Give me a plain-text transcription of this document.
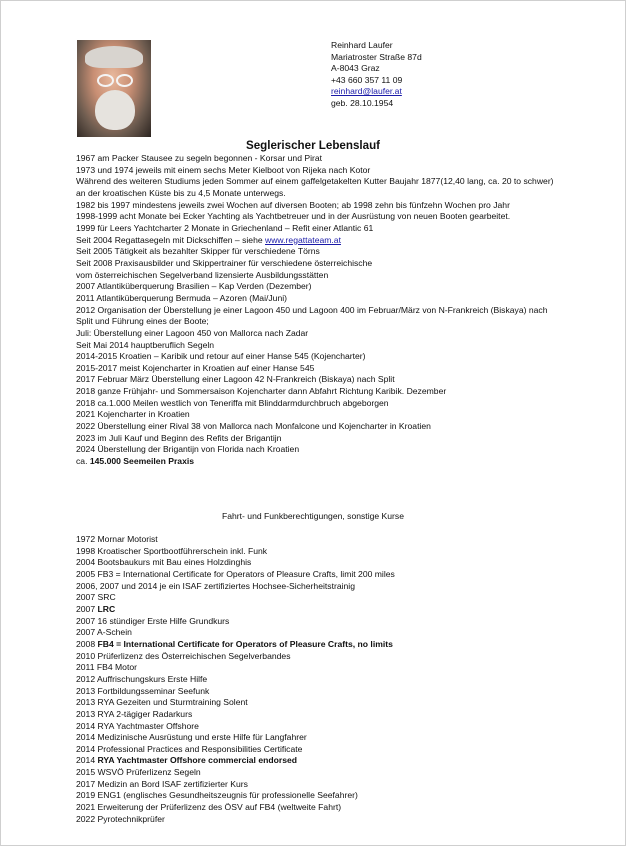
Reinhard Laufer
Mariatroster Straße 87d
A-8043 Graz
+43 660 357 11 09
reinhard@laufer.at
geb. 28.10.1954
Seglerischer Lebenslauf
1967 am Packer Stausee zu segeln begonnen - Korsar und Pirat
1973 und 1974 jeweils mit einem sechs Meter Kielboot von Rijeka nach Kotor
Während des weiteren Studiums jeden Sommer auf einem gaffelgetakelten Kutter Baujahr 1877(12,40 lang, ca. 20 to schwer) an der kroatischen Küste bis zu 4,5 Monate unterwegs.
1982 bis 1997 mindestens jeweils zwei Wochen auf diversen Booten; ab 1998 zehn bis fünfzehn Wochen pro Jahr
1998-1999 acht Monate bei Ecker Yachting als Yachtbetreuer und in der Ausrüstung von neuen Booten gearbeitet.
1999 für Leers Yachtcharter 2 Monate in Griechenland – Refit einer Atlantic 61
Seit 2004 Regattasegeln mit Dickschiffen – siehe www.regattateam.at
Seit 2005 Tätigkeit als bezahlter Skipper für verschiedene Törns
Seit 2008 Praxisausbilder und Skippertrainer für verschiedene österreichische
vom österreichischen Segelverband lizensierte Ausbildungsstätten
2007 Atlantiküberquerung Brasilien – Kap Verden (Dezember)
2011 Atlantiküberquerung Bermuda – Azoren (Mai/Juni)
2012 Organisation der Überstellung je einer Lagoon 450 und Lagoon 400 im Februar/März von N-Frankreich (Biskaya) nach Split und Führung eines der Boote;
Juli: Überstellung einer Lagoon 450 von Mallorca nach Zadar
Seit Mai 2014 hauptberuflich Segeln
2014-2015 Kroatien – Karibik und retour auf einer Hanse 545 (Kojencharter)
2015-2017 meist Kojencharter in Kroatien auf einer Hanse 545
2017 Februar März Überstellung einer Lagoon 42 N-Frankreich (Biskaya) nach Split
2018 ganze Frühjahr- und Sommersaison Kojencharter dann Abfahrt Richtung Karibik. Dezember
2018 ca.1.000 Meilen westlich von Teneriffa mit Blinddarmdurchbruch abgeborgen
2021 Kojencharter in Kroatien
2022 Überstellung einer Rival 38 von Mallorca nach Monfalcone und Kojencharter in Kroatien
2023 im Juli Kauf und Beginn des Refits der Brigantijn
2024 Überstellung der Brigantijn von Florida nach Kroatien
ca. 145.000 Seemeilen Praxis
Fahrt- und Funkberechtigungen, sonstige Kurse
1972 Mornar Motorist
1998 Kroatischer Sportbootführerschein inkl. Funk
2004 Bootsbaukurs mit Bau eines Holzdinghis
2005 FB3 = International Certificate for Operators of Pleasure Crafts, limit 200 miles
2006, 2007 und 2014 je ein ISAF zertifiziertes Hochsee-Sicherheitstrainig
2007 SRC
2007 LRC
2007 16 stündiger Erste Hilfe Grundkurs
2007 A-Schein
2008 FB4 = International Certificate for Operators of Pleasure Crafts, no limits
2010 Prüferlizenz des Österreichischen Segelverbandes
2011 FB4 Motor
2012 Auffrischungskurs Erste Hilfe
2013 Fortbildungsseminar Seefunk
2013 RYA Gezeiten und Sturmtraining Solent
2013 RYA 2-tägiger Radarkurs
2014 RYA Yachtmaster Offshore
2014 Medizinische Ausrüstung und erste Hilfe für Langfahrer
2014 Professional Practices and Responsibilities Certificate
2014 RYA Yachtmaster Offshore commercial endorsed
2015 WSVÖ Prüferlizenz Segeln
2017 Medizin an Bord ISAF zertifizierter Kurs
2019 ENG1 (englisches Gesundheitszeugnis für professionelle Seefahrer)
2021 Erweiterung der Prüferlizenz des ÖSV auf FB4 (weltweite Fahrt)
2022 Pyrotechnikprüfer
